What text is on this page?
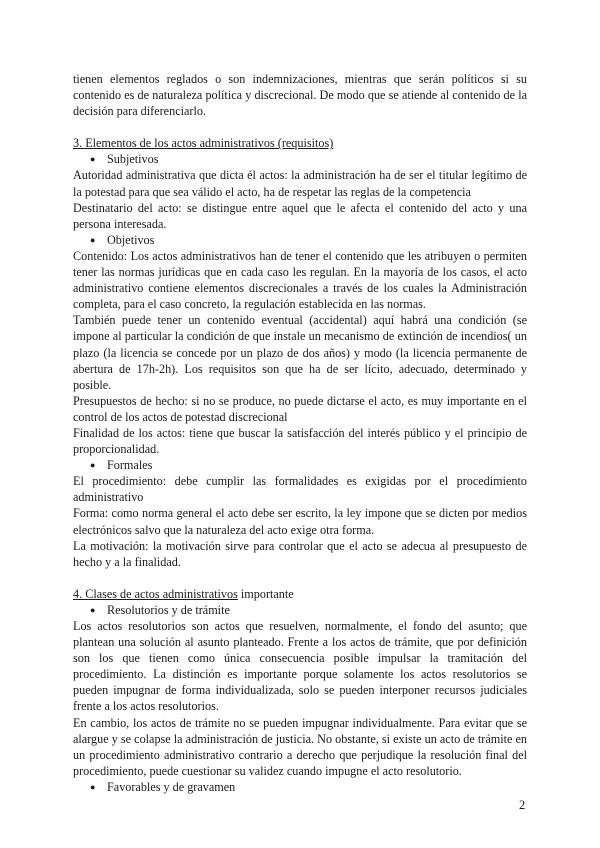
tienen elementos reglados o son indemnizaciones, mientras que serán políticos si su contenido es de naturaleza política y discrecional. De modo que se atiende al contenido de la decisión para diferenciarlo.

3. Elementos de los actos administrativos (requisitos)

● Subjetivos

Autoridad administrativa que dicta él actos: la administración ha de ser el titular legítimo de la potestad para que sea válido el acto, ha de respetar las reglas de la competencia

Destinatario del acto: se distingue entre aquel que le afecta el contenido del acto y una persona interesada.

● Objetivos

Contenido: Los actos administrativos han de tener el contenido que les atribuyen o permiten tener las normas jurídicas que en cada caso les regulan. En la mayoría de los casos, el acto administrativo contiene elementos discrecionales a través de los cuales la Administración completa, para el caso concreto, la regulación establecida en las normas.

También puede tener un contenido eventual (accidental) aquí habrá una condición (se impone al particular la condición de que instale un mecanismo de extinción de incendios( un plazo (la licencia se concede por un plazo de dos años) y modo (la licencia permanente de abertura de 17h-2h). Los requisitos son que ha de ser lícito, adecuado, determinado y posible.

Presupuestos de hecho: si no se produce, no puede dictarse el acto, es muy importante en el control de los actos de potestad discrecional

Finalidad de los actos: tiene que buscar la satisfacción del interés público y el principio de proporcionalidad.

● Formales

El procedimiento: debe cumplir las formalidades es exigidas por el procedimiento administrativo

Forma: como norma general el acto debe ser escrito, la ley impone que se dicten por medios electrónicos salvo que la naturaleza del acto exige otra forma.

La motivación: la motivación sirve para controlar que el acto se adecua al presupuesto de hecho y a la finalidad.

4. Clases de actos administrativos importante

● Resolutorios y de trámite

Los actos resolutorios son actos que resuelven, normalmente, el fondo del asunto; que plantean una solución al asunto planteado. Frente a los actos de trámite, que por definición son los que tienen como única consecuencia posible impulsar la tramitación del procedimiento. La distinción es importante porque solamente los actos resolutorios se pueden impugnar de forma individualizada, solo se pueden interponer recursos judiciales frente a los actos resolutorios.

En cambio, los actos de trámite no se pueden impugnar individualmente. Para evitar que se alargue y se colapse la administración de justicia. No obstante, si existe un acto de trámite en un procedimiento administrativo contrario a derecho que perjudique la resolución final del procedimiento, puede cuestionar su validez cuando impugne el acto resolutorio.

● Favorables y de gravamen

2
